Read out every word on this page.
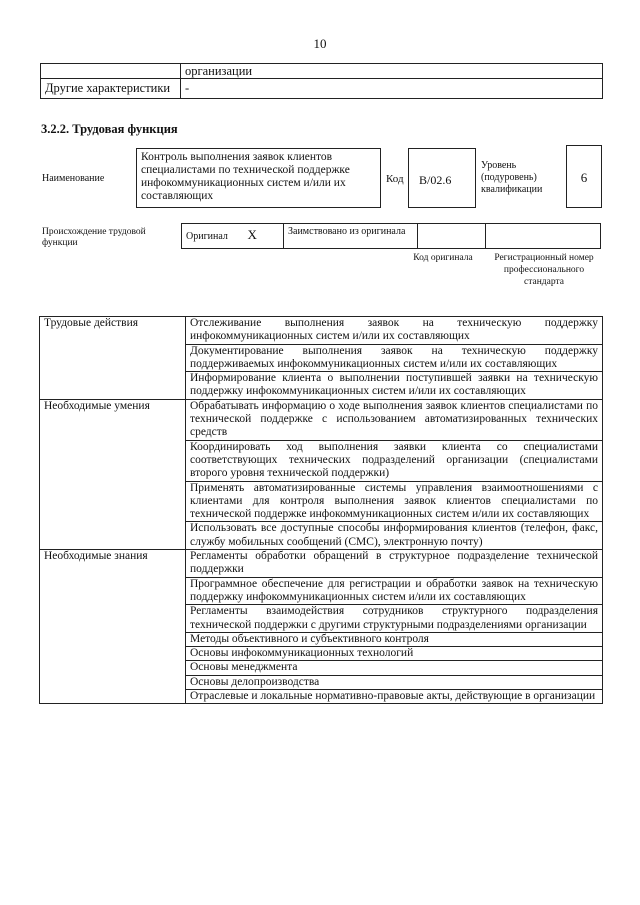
10
	организации
Другие характеристики	-
3.2.2. Трудовая функция
Наименование
Контроль выполнения заявок клиентов специалистами по технической поддержке инфокоммуникационных систем и/или их составляющих
Код	В/02.6
Уровень (подуровень) квалификации
6
Происхождение трудовой функции
Оригинал	X	Заимствовано из оригинала		
Код оригинала	Регистрационный номер профессионального стандарта
Трудовые действия	Отслеживание выполнения заявок на техническую поддержку инфокоммуникационных систем и/или их составляющих
	Документирование выполнения заявок на техническую поддержку поддерживаемых инфокоммуникационных систем и/или их составляющих
	Информирование клиента о выполнении поступившей заявки на техническую поддержку инфокоммуникационных систем и/или их составляющих
Необходимые умения	Обрабатывать информацию о ходе выполнения заявок клиентов специалистами по технической поддержке с использованием автоматизированных технических средств
	Координировать ход выполнения заявки клиента со специалистами соответствующих технических подразделений организации (специалистами второго уровня технической поддержки)
	Применять автоматизированные системы управления взаимоотношениями с клиентами для контроля выполнения заявок клиентов специалистами по технической поддержке инфокоммуникационных систем и/или их составляющих
	Использовать все доступные способы информирования клиентов (телефон, факс, службу мобильных сообщений (СМС), электронную почту)
Необходимые знания	Регламенты обработки обращений в структурное подразделение технической поддержки
	Программное обеспечение для регистрации и обработки заявок на техническую поддержку инфокоммуникационных систем и/или их составляющих
	Регламенты взаимодействия сотрудников структурного подразделения технической поддержки с другими структурными подразделениями организации
	Методы объективного и субъективного контроля
	Основы инфокоммуникационных технологий
	Основы менеджмента
	Основы делопроизводства
	Отраслевые и локальные нормативно-правовые акты, действующие в организации
